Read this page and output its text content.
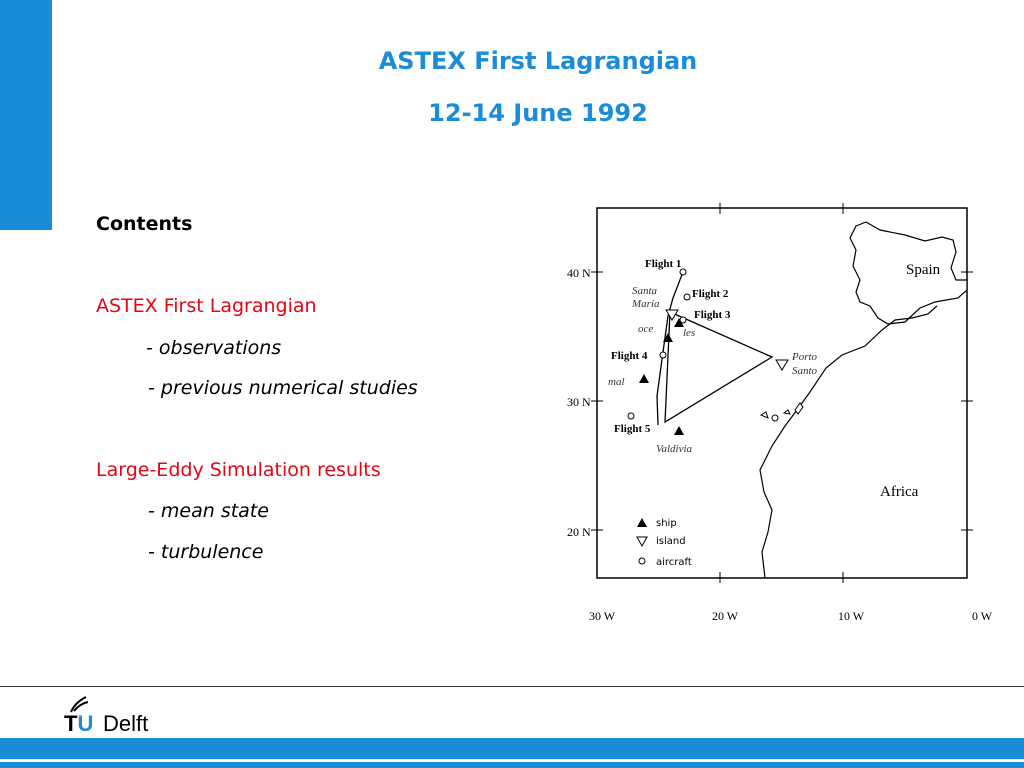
ASTEX First Lagrangian
12-14 June 1992
Contents
ASTEX First Lagrangian
- observations
- previous numerical studies
Large-Eddy Simulation results
- mean state
- turbulence
40 N
30 N
20 N
30 W	20 W	10 W	0 W
Flight 1
Flight 2
Flight 3
Flight 4
Flight 5
Santa
Maria
oce	les
mal
Porto
Santo
Valdivia
Spain
Africa
ship
island
aircraft
TU Delft
